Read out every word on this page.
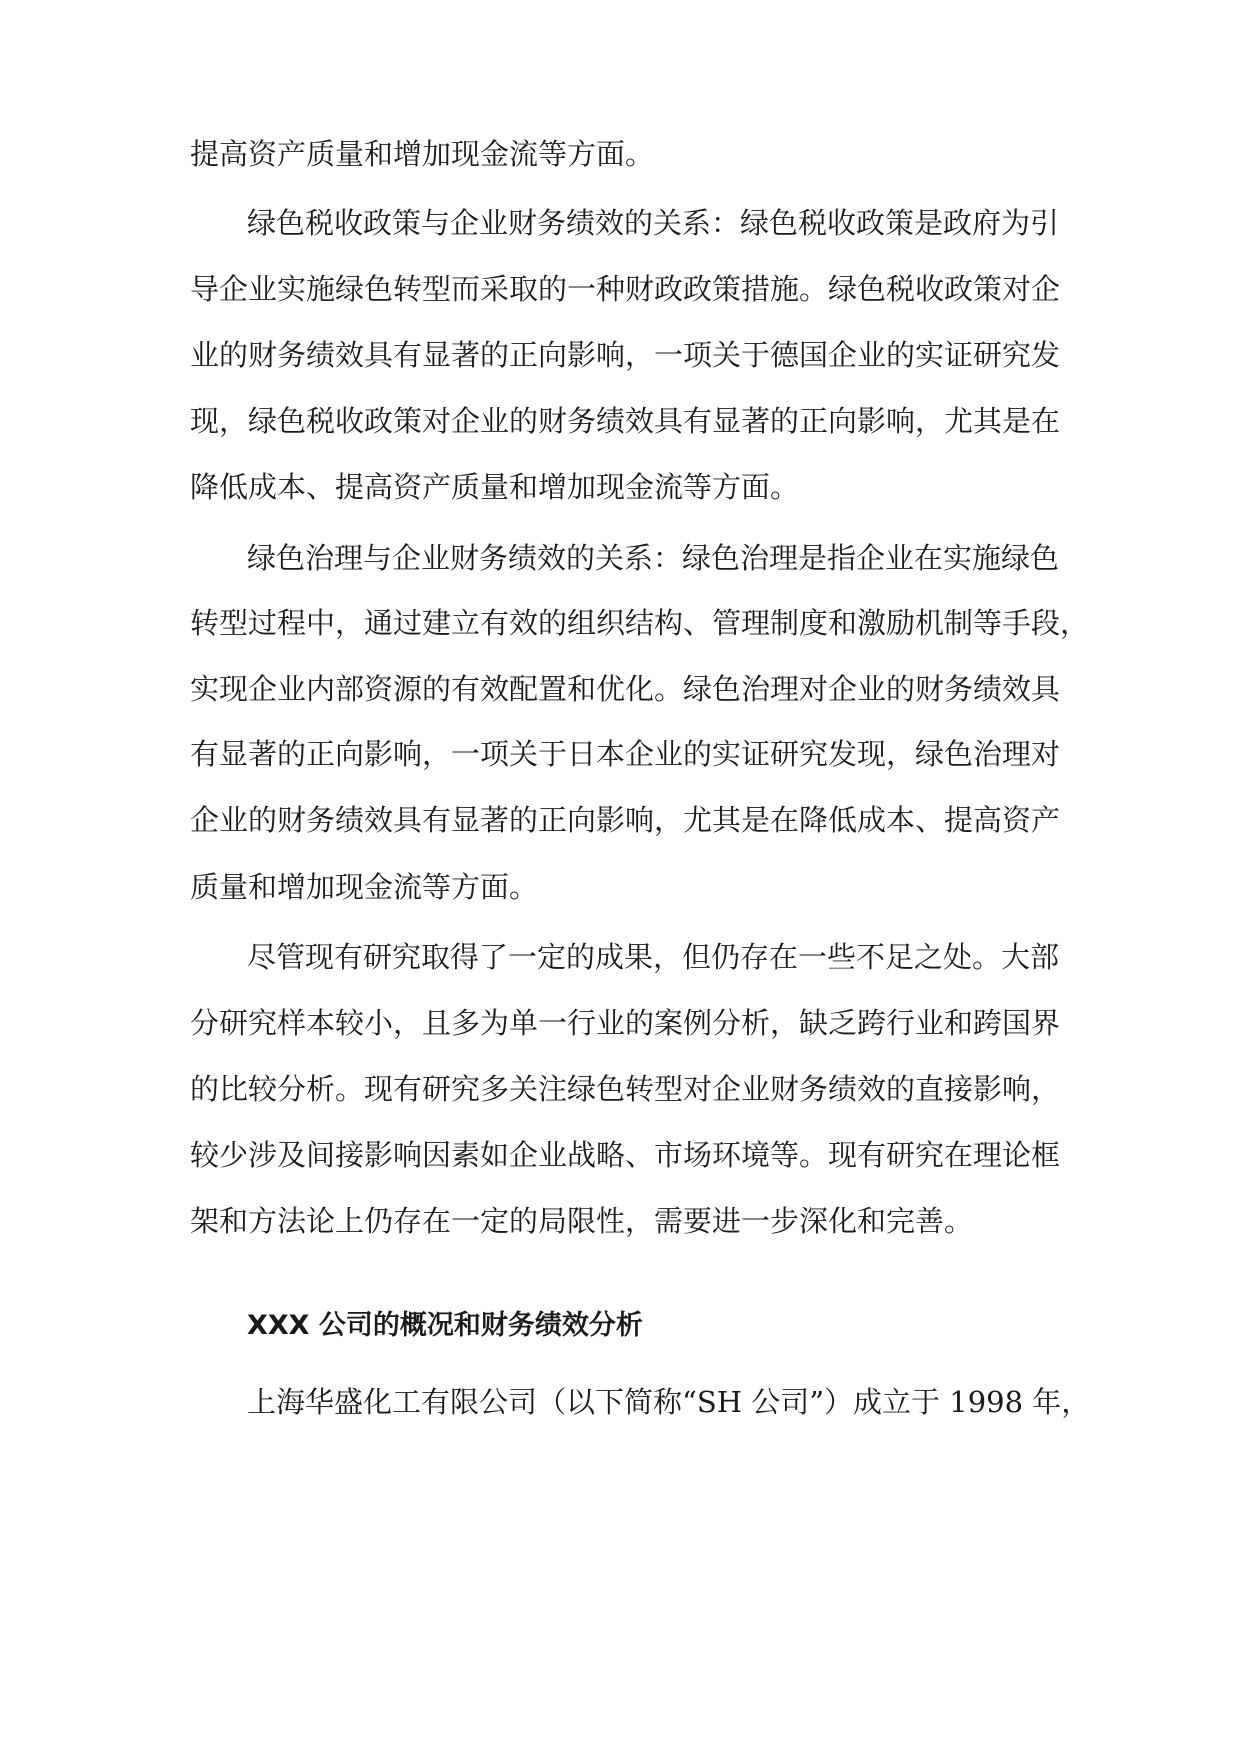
提高资产质量和增加现金流等方面。
绿色税收政策与企业财务绩效的关系：绿色税收政策是政府为引
导企业实施绿色转型而采取的一种财政政策措施。绿色税收政策对企
业的财务绩效具有显著的正向影响，一项关于德国企业的实证研究发
现，绿色税收政策对企业的财务绩效具有显著的正向影响，尤其是在
降低成本、提高资产质量和增加现金流等方面。
绿色治理与企业财务绩效的关系：绿色治理是指企业在实施绿色
转型过程中，通过建立有效的组织结构、管理制度和激励机制等手段，
实现企业内部资源的有效配置和优化。绿色治理对企业的财务绩效具
有显著的正向影响，一项关于日本企业的实证研究发现，绿色治理对
企业的财务绩效具有显著的正向影响，尤其是在降低成本、提高资产
质量和增加现金流等方面。
尽管现有研究取得了一定的成果，但仍存在一些不足之处。大部
分研究样本较小，且多为单一行业的案例分析，缺乏跨行业和跨国界
的比较分析。现有研究多关注绿色转型对企业财务绩效的直接影响，
较少涉及间接影响因素如企业战略、市场环境等。现有研究在理论框
架和方法论上仍存在一定的局限性，需要进一步深化和完善。
XXX 公司的概况和财务绩效分析
上海华盛化工有限公司（以下简称“SH 公司”）成立于 1998 年，
